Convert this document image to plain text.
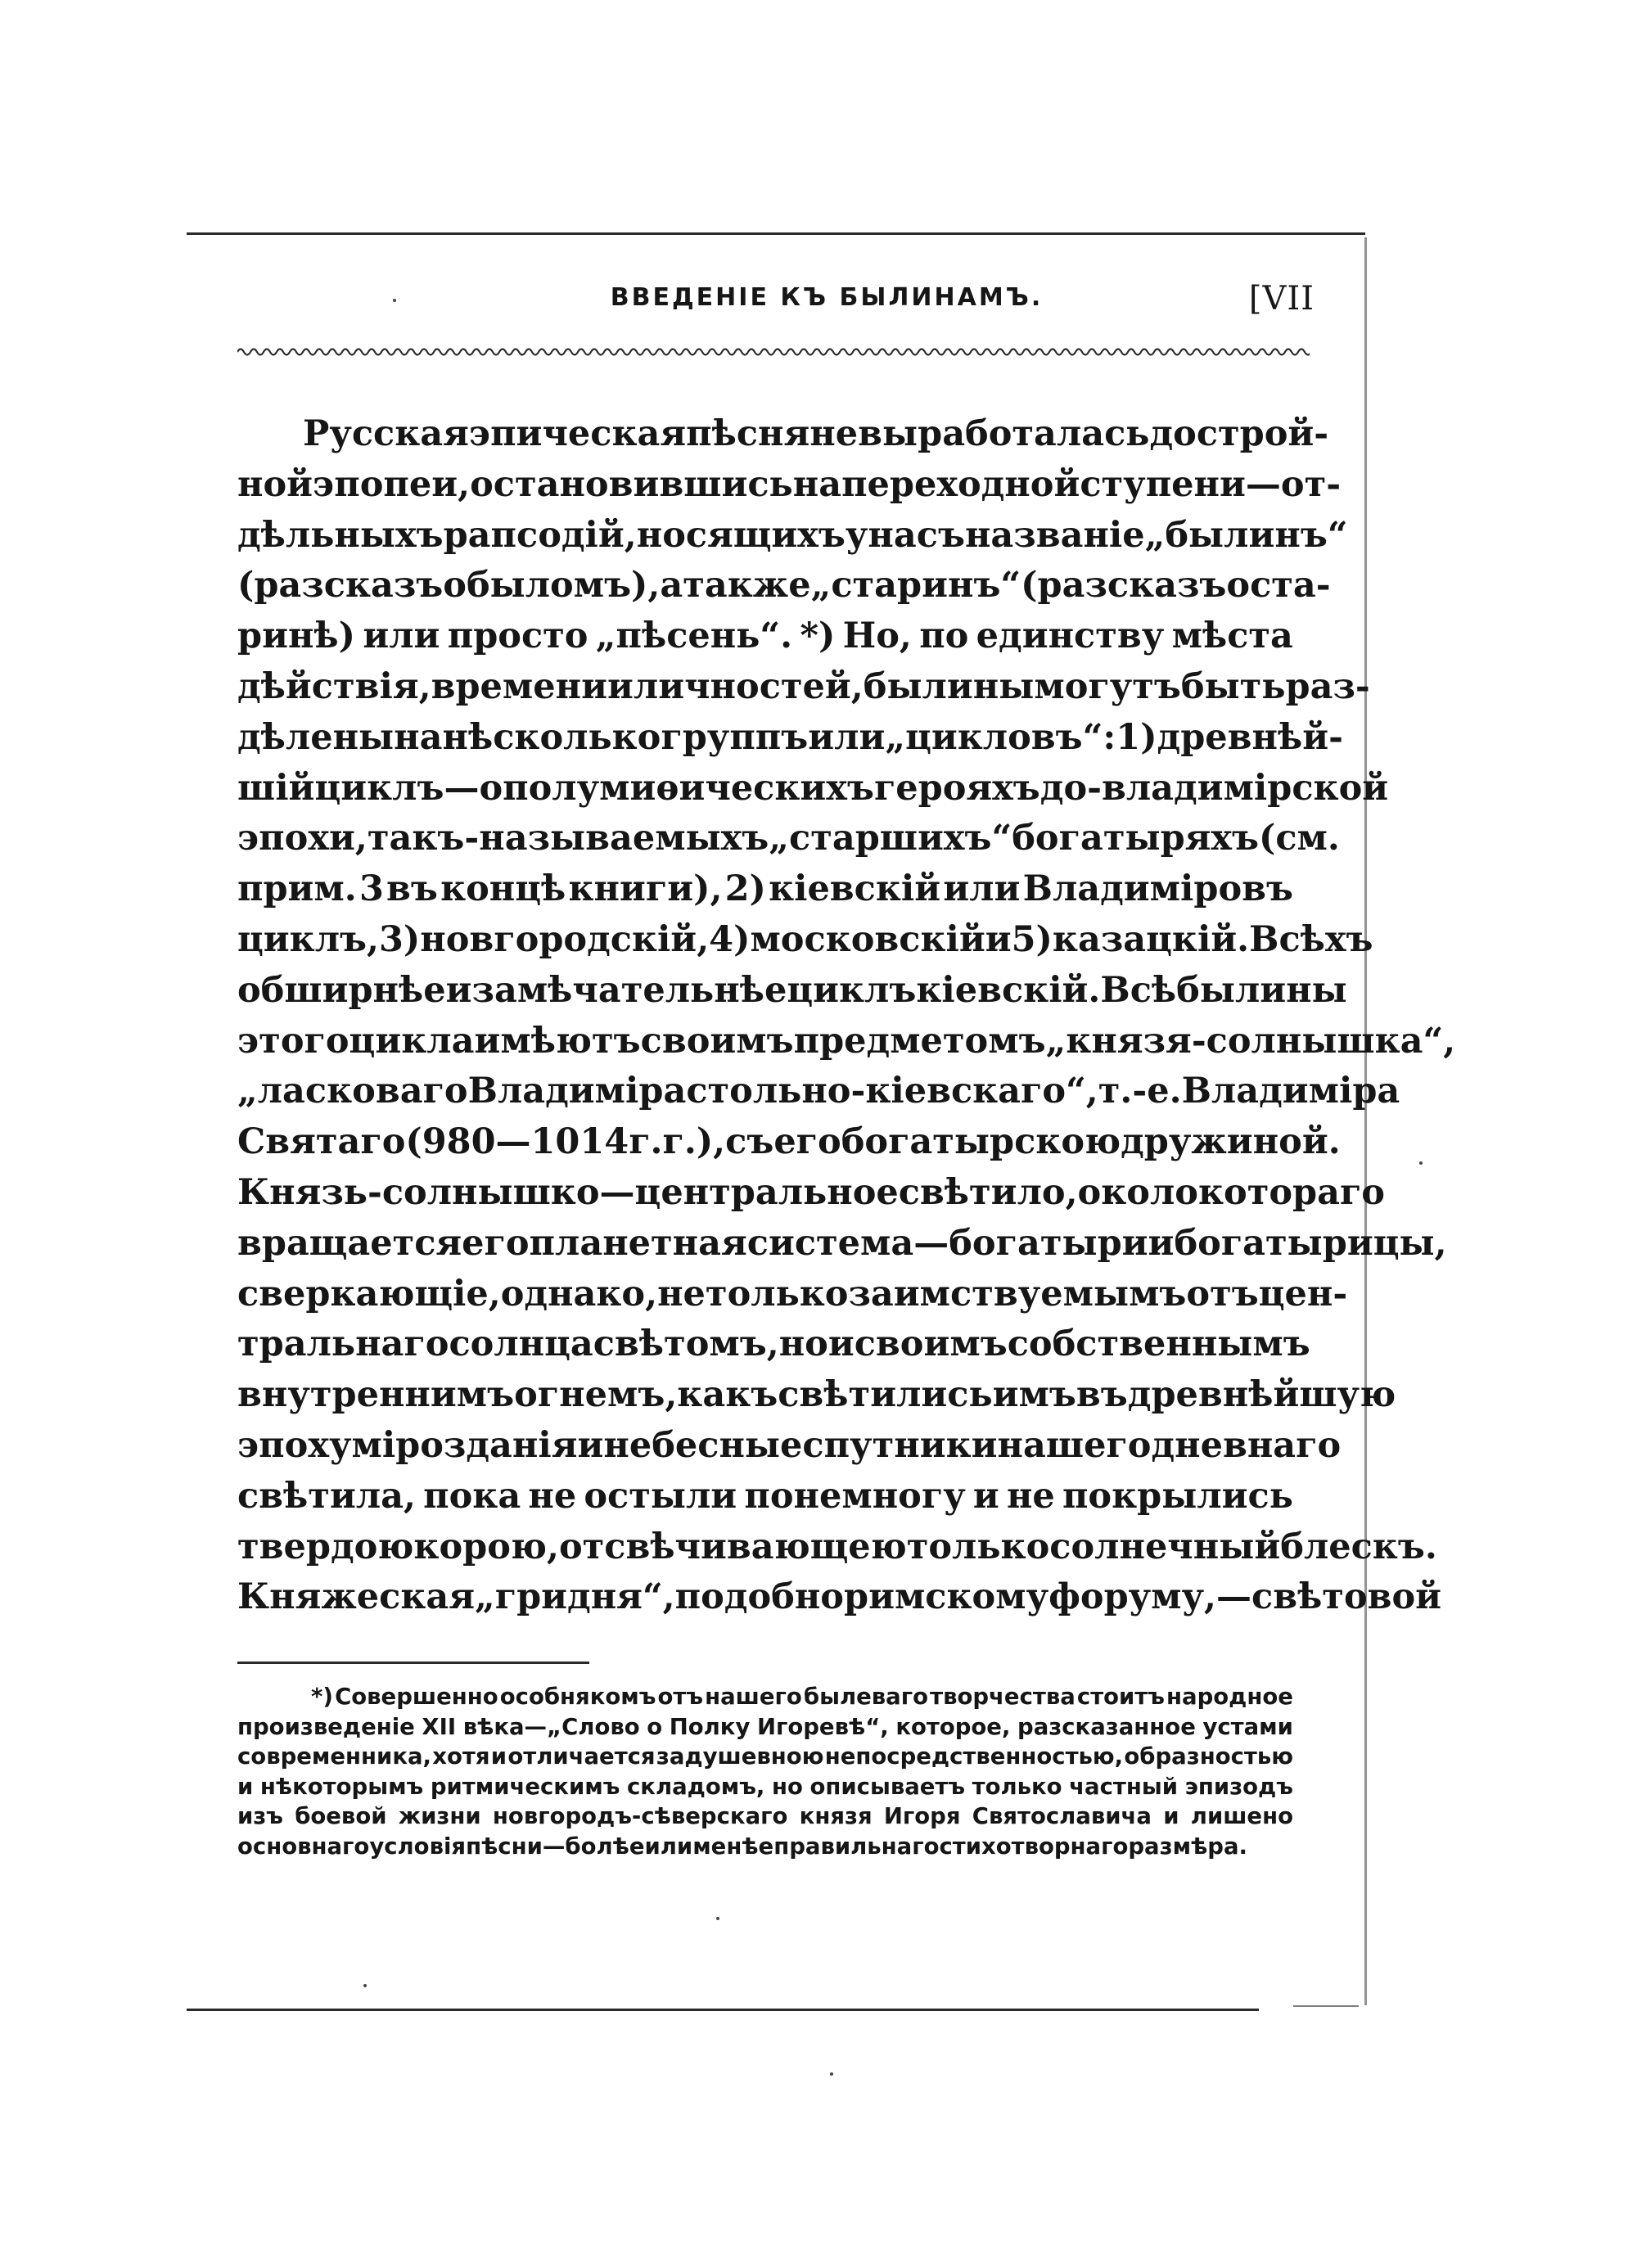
ВВЕДЕНІЕ КЪ БЫЛИНАМЪ.	[VII
Русская эпическая пѣсня не выработалась до строй-
ной эпопеи, остановившись на переходной ступени—от-
дѣльныхъ рапсодій, носящихъ у насъ названіе „былинъ“
(разсказъ о быломъ), а также „старинъ“ (разсказъ о ста-
ринѣ) или просто „пѣсень“. *) Но, по единству мѣста
дѣйствія, времени и личностей, былины могутъ быть раз-
дѣлены на нѣсколько группъ или „цикловъ“: 1) древнѣй-
шій циклъ—о полумиѳическихъ герояхъ до-владимірской
эпохи, такъ-называемыхъ „старшихъ“ богатыряхъ (см.
прим. 3 въ концѣ книги), 2) кіевскій или Владиміровъ
циклъ, 3) новгородскій, 4) московскій и 5) казацкій. Всѣхъ
обширнѣе и замѣчательнѣе циклъ кіевскій. Всѣ былины
этого цикла имѣютъ своимъ предметомъ „князя-солнышка“,
„ласковаго Владиміра стольно-кіевскаго“, т.-е. Владиміра
Святаго (980—1014 г.г.), съ его богатырскою дружиной.
Князь-солнышко — центральное свѣтило, около котораго
вращается его планетная система—богатыри и богатырицы,
сверкающіе, однако, не только заимствуемымъ отъ цен-
тральнаго солнца свѣтомъ, но и своимъ собственнымъ
внутреннимъ огнемъ, какъ свѣтились имъ въ древнѣйшую
эпоху мірозданія и небесные спутники нашего дневнаго
свѣтила, пока не остыли понемногу и не покрылись
твердою корою, отсвѣчивающею только солнечный блескъ.
Княжеская „гридня“, подобно римскому форуму,—свѣтовой
*) Совершенно особнякомъ отъ нашего былеваго творчества стоитъ народное
произведеніе XII вѣка—„Слово о Полку Игоревѣ“, которое, разсказанное устами
современника, хотя и отличается задушевною непосредственностью, образностью
и нѣкоторымъ ритмическимъ складомъ, но описываетъ только частный эпизодъ
изъ боевой жизни новгородъ-сѣверскаго князя Игоря Святославича и лишено
основнаго условія пѣсни—болѣе или менѣе правильнаго стихотворнаго размѣра.
